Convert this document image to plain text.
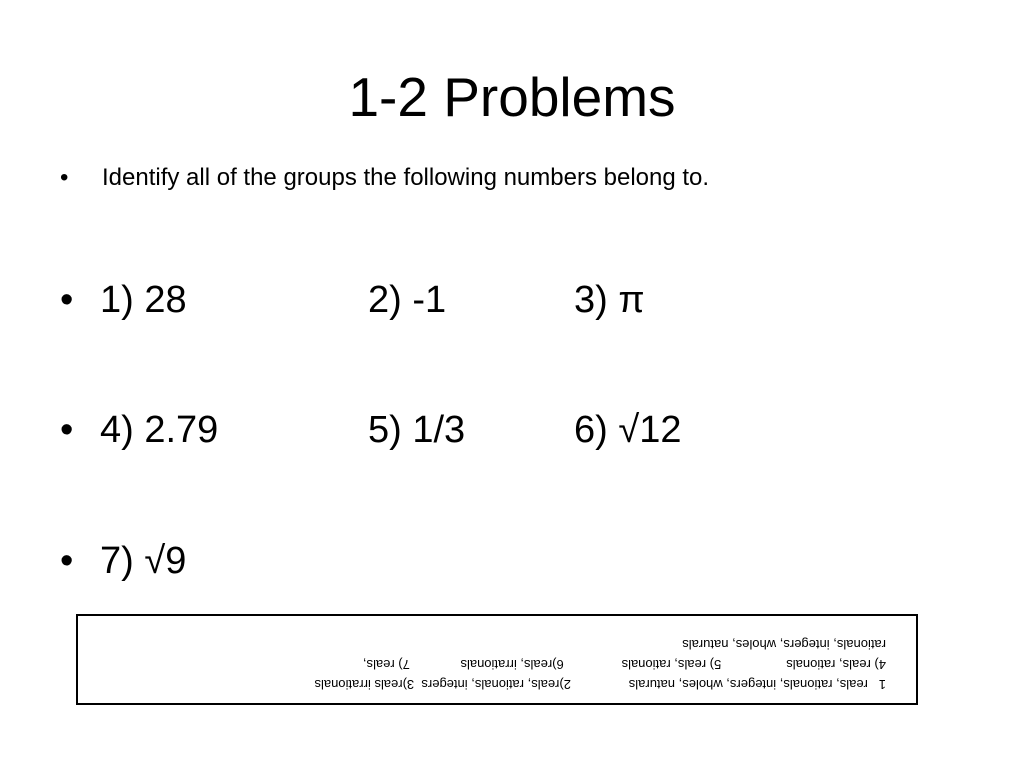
1-2 Problems
•	Identify all of the groups the following numbers belong to.
• 1) 28	2) -1	3) π
• 4) 2.79	5) 1/3	6) √12
• 7) √9
1   reals, rationals, integers, wholes, naturals                2)reals, rationals, integers  3)reals irrationals
4) reals, rationals                  5) reals, rationals                6)reals, irrationals              7) reals,
rationals, integers, wholes, naturals
